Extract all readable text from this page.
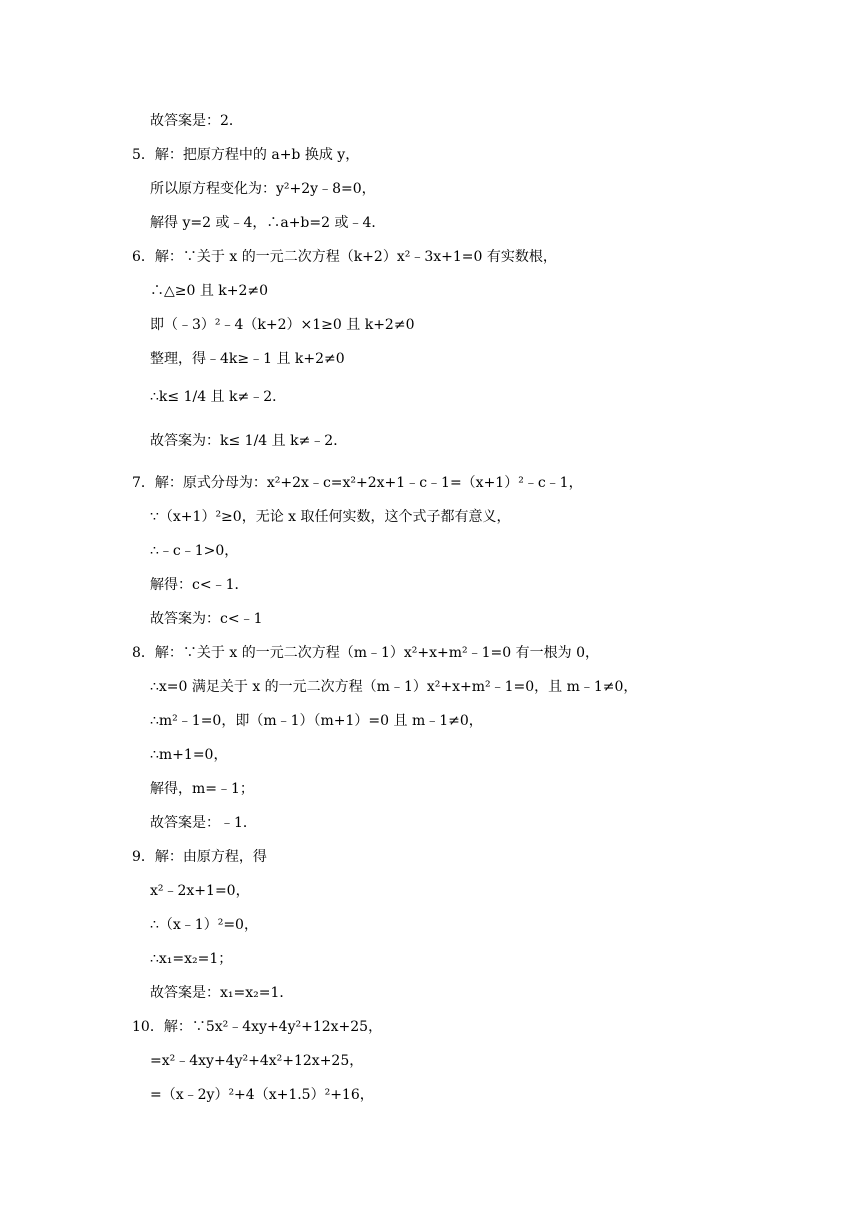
故答案是：2．
5．解：把原方程中的 a+b 换成 y，
所以原方程变化为：y²+2y﹣8=0，
解得 y=2 或﹣4，∴a+b=2 或﹣4．
6．解：∵关于 x 的一元二次方程（k+2）x²﹣3x+1=0 有实数根，
∴△≥0 且 k+2≠0
即（﹣3）²﹣4（k+2）×1≥0 且 k+2≠0
整理，得﹣4k≥﹣1 且 k+2≠0
∴k≤ 1/4 且 k≠﹣2．
故答案为：k≤ 1/4 且 k≠﹣2．
7．解：原式分母为：x²+2x﹣c=x²+2x+1﹣c﹣1=（x+1）²﹣c﹣1，
∵（x+1）²≥0，无论 x 取任何实数，这个式子都有意义，
∴﹣c﹣1>0，
解得：c<﹣1．
故答案为：c<﹣1
8．解：∵关于 x 的一元二次方程（m﹣1）x²+x+m²﹣1=0 有一根为 0，
∴x=0 满足关于 x 的一元二次方程（m﹣1）x²+x+m²﹣1=0，且 m﹣1≠0，
∴m²﹣1=0，即（m﹣1）（m+1）=0 且 m﹣1≠0，
∴m+1=0，
解得，m=﹣1；
故答案是：﹣1．
9．解：由原方程，得
x²﹣2x+1=0，
∴（x﹣1）²=0，
∴x₁=x₂=1；
故答案是：x₁=x₂=1．
10．解：∵5x²﹣4xy+4y²+12x+25，
=x²﹣4xy+4y²+4x²+12x+25，
=（x﹣2y）²+4（x+1.5）²+16，
